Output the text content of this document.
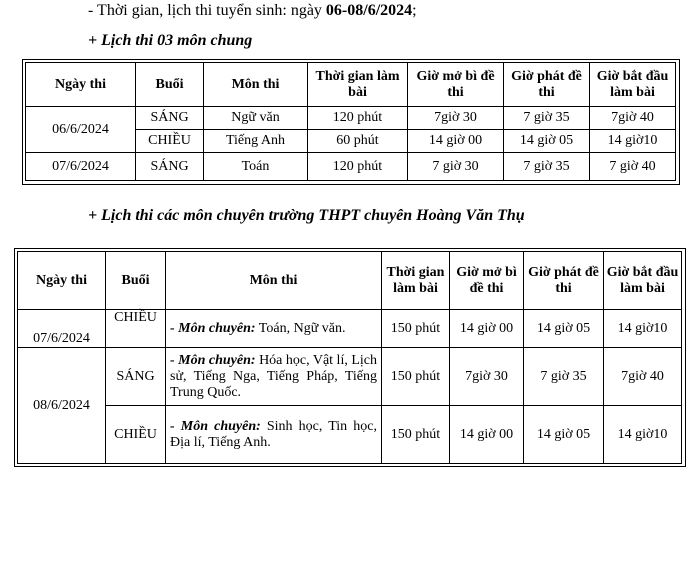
- Thời gian, lịch thi tuyển sinh: ngày 06-08/6/2024;
+ Lịch thi 03 môn chung
Ngày thi	Buổi	Môn thi	Thời gian làm bài	Giờ mở bì đề thi	Giờ phát đề thi	Giờ bắt đầu làm bài
06/6/2024	SÁNG	Ngữ văn	120 phút	7giờ 30	7 giờ 35	7giờ 40
	CHIỀU	Tiếng Anh	60 phút	14 giờ 00	14 giờ 05	14 giờ10
07/6/2024	SÁNG	Toán	120 phút	7 giờ 30	7 giờ 35	7 giờ 40
+ Lịch thi các môn chuyên trường THPT chuyên Hoàng Văn Thụ
Ngày thi	Buổi	Môn thi	Thời gian làm bài	Giờ mở bì đề thi	Giờ phát đề thi	Giờ bắt đầu làm bài
07/6/2024	CHIỀU	- Môn chuyên: Toán, Ngữ văn.	150 phút	14 giờ 00	14 giờ 05	14 giờ10
08/6/2024	SÁNG	- Môn chuyên: Hóa học, Vật lí, Lịch sử, Tiếng Nga, Tiếng Pháp, Tiếng Trung Quốc.	150 phút	7giờ 30	7 giờ 35	7giờ 40
	CHIỀU	- Môn chuyên: Sinh học, Tin học, Địa lí, Tiếng Anh.	150 phút	14 giờ 00	14 giờ 05	14 giờ10
